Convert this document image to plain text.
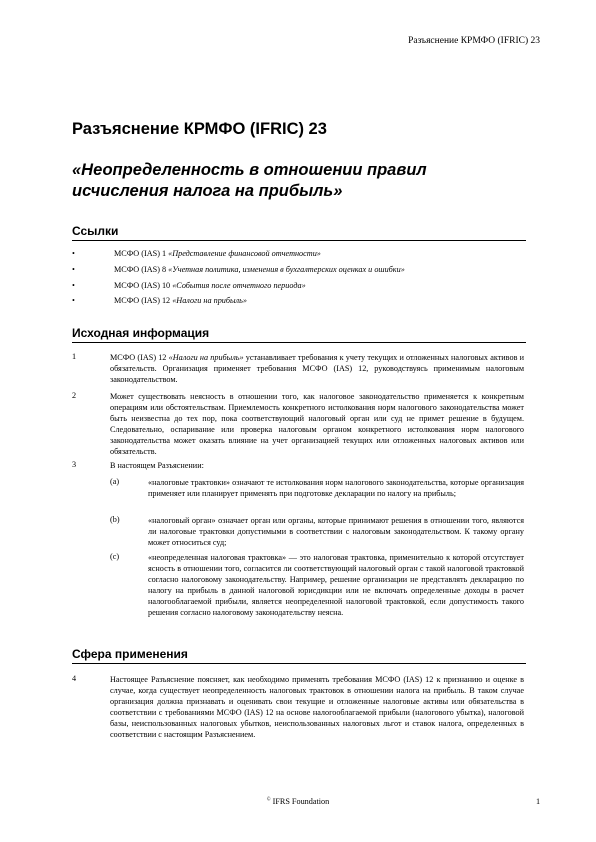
Разъяснение КРМФО (IFRIC) 23
Разъяснение КРМФО (IFRIC) 23
«Неопределенность в отношении правил
исчисления налога на прибыль»
Ссылки
•	МСФО (IAS) 1 «Представление финансовой отчетности»
•	МСФО (IAS) 8 «Учетная политика, изменения в бухгалтерских оценках и ошибки»
•	МСФО (IAS) 10 «События после отчетного периода»
•	МСФО (IAS) 12 «Налоги на прибыль»
Исходная информация
1	МСФО (IAS) 12 «Налоги на прибыль» устанавливает требования к учету текущих и отложенных налоговых активов и обязательств. Организация применяет требования МСФО (IAS) 12, руководствуясь применимым налоговым законодательством.
2	Может существовать неясность в отношении того, как налоговое законодательство применяется к конкретным операциям или обстоятельствам. Приемлемость конкретного истолкования норм налогового законодательства может быть неизвестна до тех пор, пока соответствующий налоговый орган или суд не примет решение в будущем. Следовательно, оспаривание или проверка налоговым органом конкретного истолкования норм налогового законодательства может оказать влияние на учет организацией текущих или отложенных налоговых активов или обязательств.
3	В настоящем Разъяснении:
(a)	«налоговые трактовки» означают те истолкования норм налогового законодательства, которые организация применяет или планирует применять при подготовке декларации по налогу на прибыль;
(b)	«налоговый орган» означает орган или органы, которые принимают решения в отношении того, являются ли налоговые трактовки допустимыми в соответствии с налоговым законодательством. К такому органу может относиться суд;
(c)	«неопределенная налоговая трактовка» — это налоговая трактовка, применительно к которой отсутствует ясность в отношении того, согласится ли соответствующий налоговый орган с такой налоговой трактовкой согласно налоговому законодательству. Например, решение организации не представлять декларацию по налогу на прибыль в данной налоговой юрисдикции или не включать определенные доходы в расчет налогооблагаемой прибыли, является неопределенной налоговой трактовкой, если допустимость такого решения согласно налоговому законодательству неясна.
Сфера применения
4	Настоящее Разъяснение поясняет, как необходимо применять требования МСФО (IAS) 12 к признанию и оценке в случае, когда существует неопределенность налоговых трактовок в отношении налога на прибыль. В таком случае организация должна признавать и оценивать свои текущие и отложенные налоговые активы или обязательства в соответствии с требованиями МСФО (IAS) 12 на основе налогооблагаемой прибыли (налогового убытка), налоговой базы, неиспользованных налоговых убытков, неиспользованных налоговых льгот и ставок налога, определенных в соответствии с настоящим Разъяснением.
© IFRS Foundation	1
